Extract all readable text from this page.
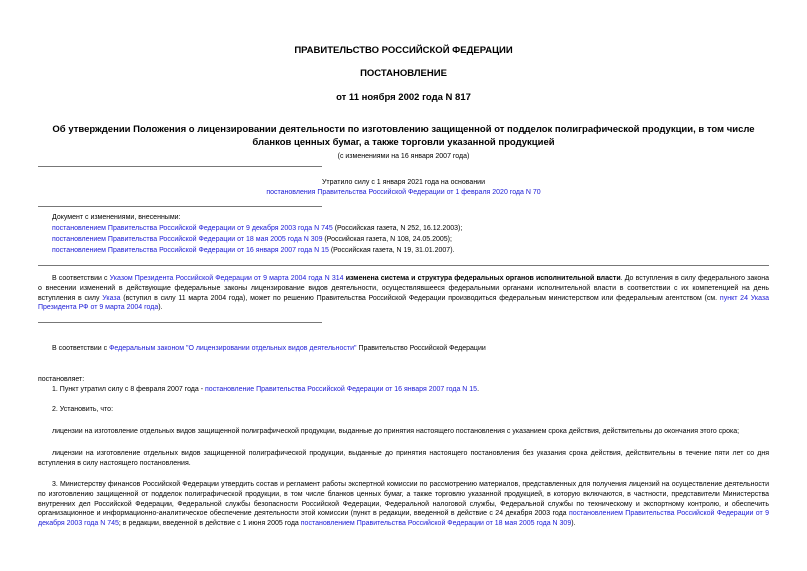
ПРАВИТЕЛЬСТВО РОССИЙСКОЙ ФЕДЕРАЦИИ
ПОСТАНОВЛЕНИЕ
от 11 ноября 2002 года N 817
Об утверждении Положения о лицензировании деятельности по изготовлению защищенной от подделок полиграфической продукции, в том числе бланков ценных бумаг, а также торговли указанной продукцией
(с изменениями на 16 января 2007 года)
Утратило силу с 1 января 2021 года на основании
постановления Правительства Российской Федерации от 1 февраля 2020 года N 70
Документ с изменениями, внесенными:
постановлением Правительства Российской Федерации от 9 декабря 2003 года N 745 (Российская газета, N 252, 16.12.2003);
постановлением Правительства Российской Федерации от 18 мая 2005 года N 309 (Российская газета, N 108, 24.05.2005);
постановлением Правительства Российской Федерации от 16 января 2007 года N 15 (Российская газета, N 19, 31.01.2007).

В соответствии с Указом Президента Российской Федерации от 9 марта 2004 года N 314 изменена система и структура федеральных органов исполнительной власти. До вступления в силу федерального закона о внесении изменений в действующие федеральные законы лицензирование видов деятельности, осуществлявшееся федеральными органами исполнительной власти в соответствии с их компетенцией на день вступления в силу Указа (вступил в силу 11 марта 2004 года), может по решению Правительства Российской Федерации производиться федеральным министерством или федеральным агентством (см. пункт 24 Указа Президента РФ от 9 марта 2004 года).

В соответствии с Федеральным законом "О лицензировании отдельных видов деятельности" Правительство Российской Федерации

постановляет:

1. Пункт утратил силу с 8 февраля 2007 года - постановление Правительства Российской Федерации от 16 января 2007 года N 15.

2. Установить, что:

лицензии на изготовление отдельных видов защищенной полиграфической продукции, выданные до принятия настоящего постановления с указанием срока действия, действительны до окончания этого срока;

лицензии на изготовление отдельных видов защищенной полиграфической продукции, выданные до принятия настоящего постановления без указания срока действия, действительны в течение пяти лет со дня вступления в силу настоящего постановления.

3. Министерству финансов Российской Федерации утвердить состав и регламент работы экспертной комиссии по рассмотрению материалов, представленных для получения лицензий на осуществление деятельности по изготовлению защищенной от подделок полиграфической продукции, в том числе бланков ценных бумаг, а также торговлю указанной продукцией, в которую включаются, в частности, представители Министерства внутренних дел Российской Федерации, Федеральной службы безопасности Российской Федерации, Федеральной налоговой службы, Федеральной службы по техническому и экспортному контролю, и обеспечить организационное и информационно-аналитическое обеспечение деятельности этой комиссии (пункт в редакции, введенной в действие с 24 декабря 2003 года постановлением Правительства Российской Федерации от 9 декабря 2003 года N 745; в редакции, введенной в действие с 1 июня 2005 года постановлением Правительства Российской Федерации от 18 мая 2005 года N 309).
